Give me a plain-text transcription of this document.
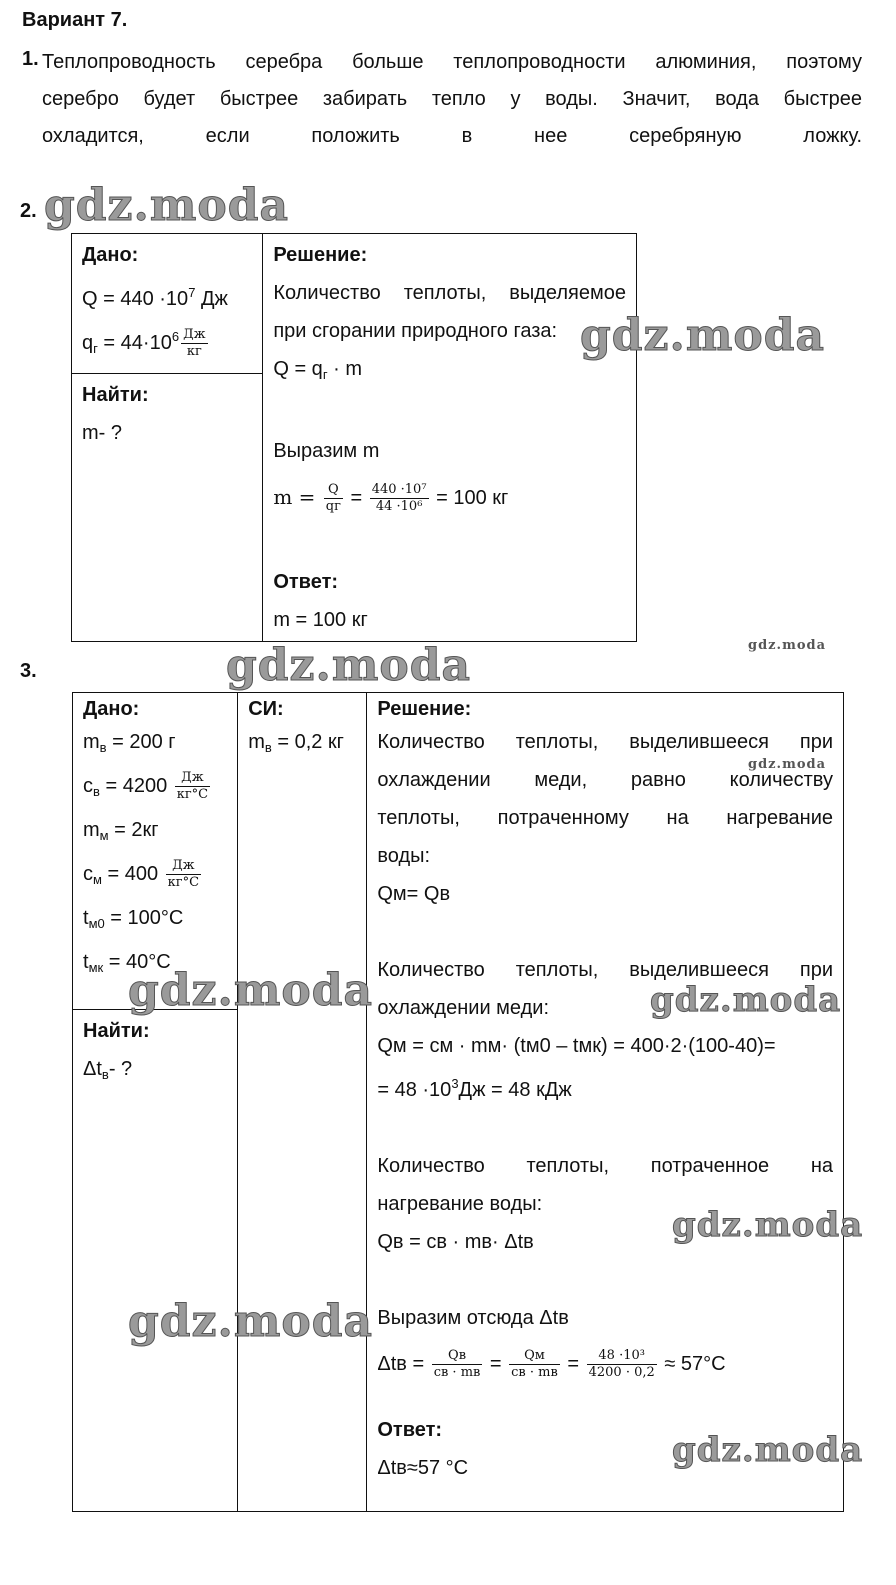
Вариант 7.
1. Теплопроводность серебра больше теплопроводности алюминия, поэтому
серебро будет быстрее забирать тепло у воды. Значит, вода быстрее
охладится, если положить в нее серебряную ложку.
2.
Дано:
$Q = 440 \cdot 10^7$ Дж
$q_г = 44\cdot 10^6 \frac{Дж}{кг}$

Решение:
Количество теплоты, выделяемое
при сгорании природного газа:
$Q = q_г \cdot m$

Выразим m
$m = \frac{Q}{qг} = \frac{\text{440 ·10⁷}}{\text{44 ·10⁶}} = 100$ кг

Ответ:
m = 100 кг

Найти:
m- ?
3.
Дано:
$m_в = 200$ г
$c_в = 4200 \frac{Дж}{кг^\circ C}$
$m_м = 2кг$
$c_м = 400 \frac{Дж}{кг^\circ C}$
$t_{м0} = 100^\circ С$
$t_{мк} = 40^\circ С$

СИ:
$m_в = 0,2$ кг

Решение:
Количество теплоты, выделившееся при
охлаждении меди, равно количеству
теплоты, потраченному на нагревание
воды:
Qм= Qв

Количество теплоты, выделившееся при
охлаждении меди:
Qм = cм · mм· (tм0 – tмк) = 400·2·(100-40)=
= $48 \cdot 10^3Дж = 48$ кДж

Количество теплоты, потраченное на
нагревание воды:
Qв = cв · mв· Δtв

Выразим отсюда Δtв
$\Delta tв = \frac{Qв}{cв \cdot mв} = \frac{Qм}{cв \cdot mв} = \frac{\text{48 ·10³}}{4200 \cdot 0,2} \approx 57^\circ С$

Ответ:
Δtв≈57 °С

Найти:
$\Delta t_в-$ ?
gdz.moda
gdz.moda
gdz.moda
gdz.moda
gdz.moda
gdz.moda	gdz.moda
gdz.moda
gdz.moda
gdz.moda
